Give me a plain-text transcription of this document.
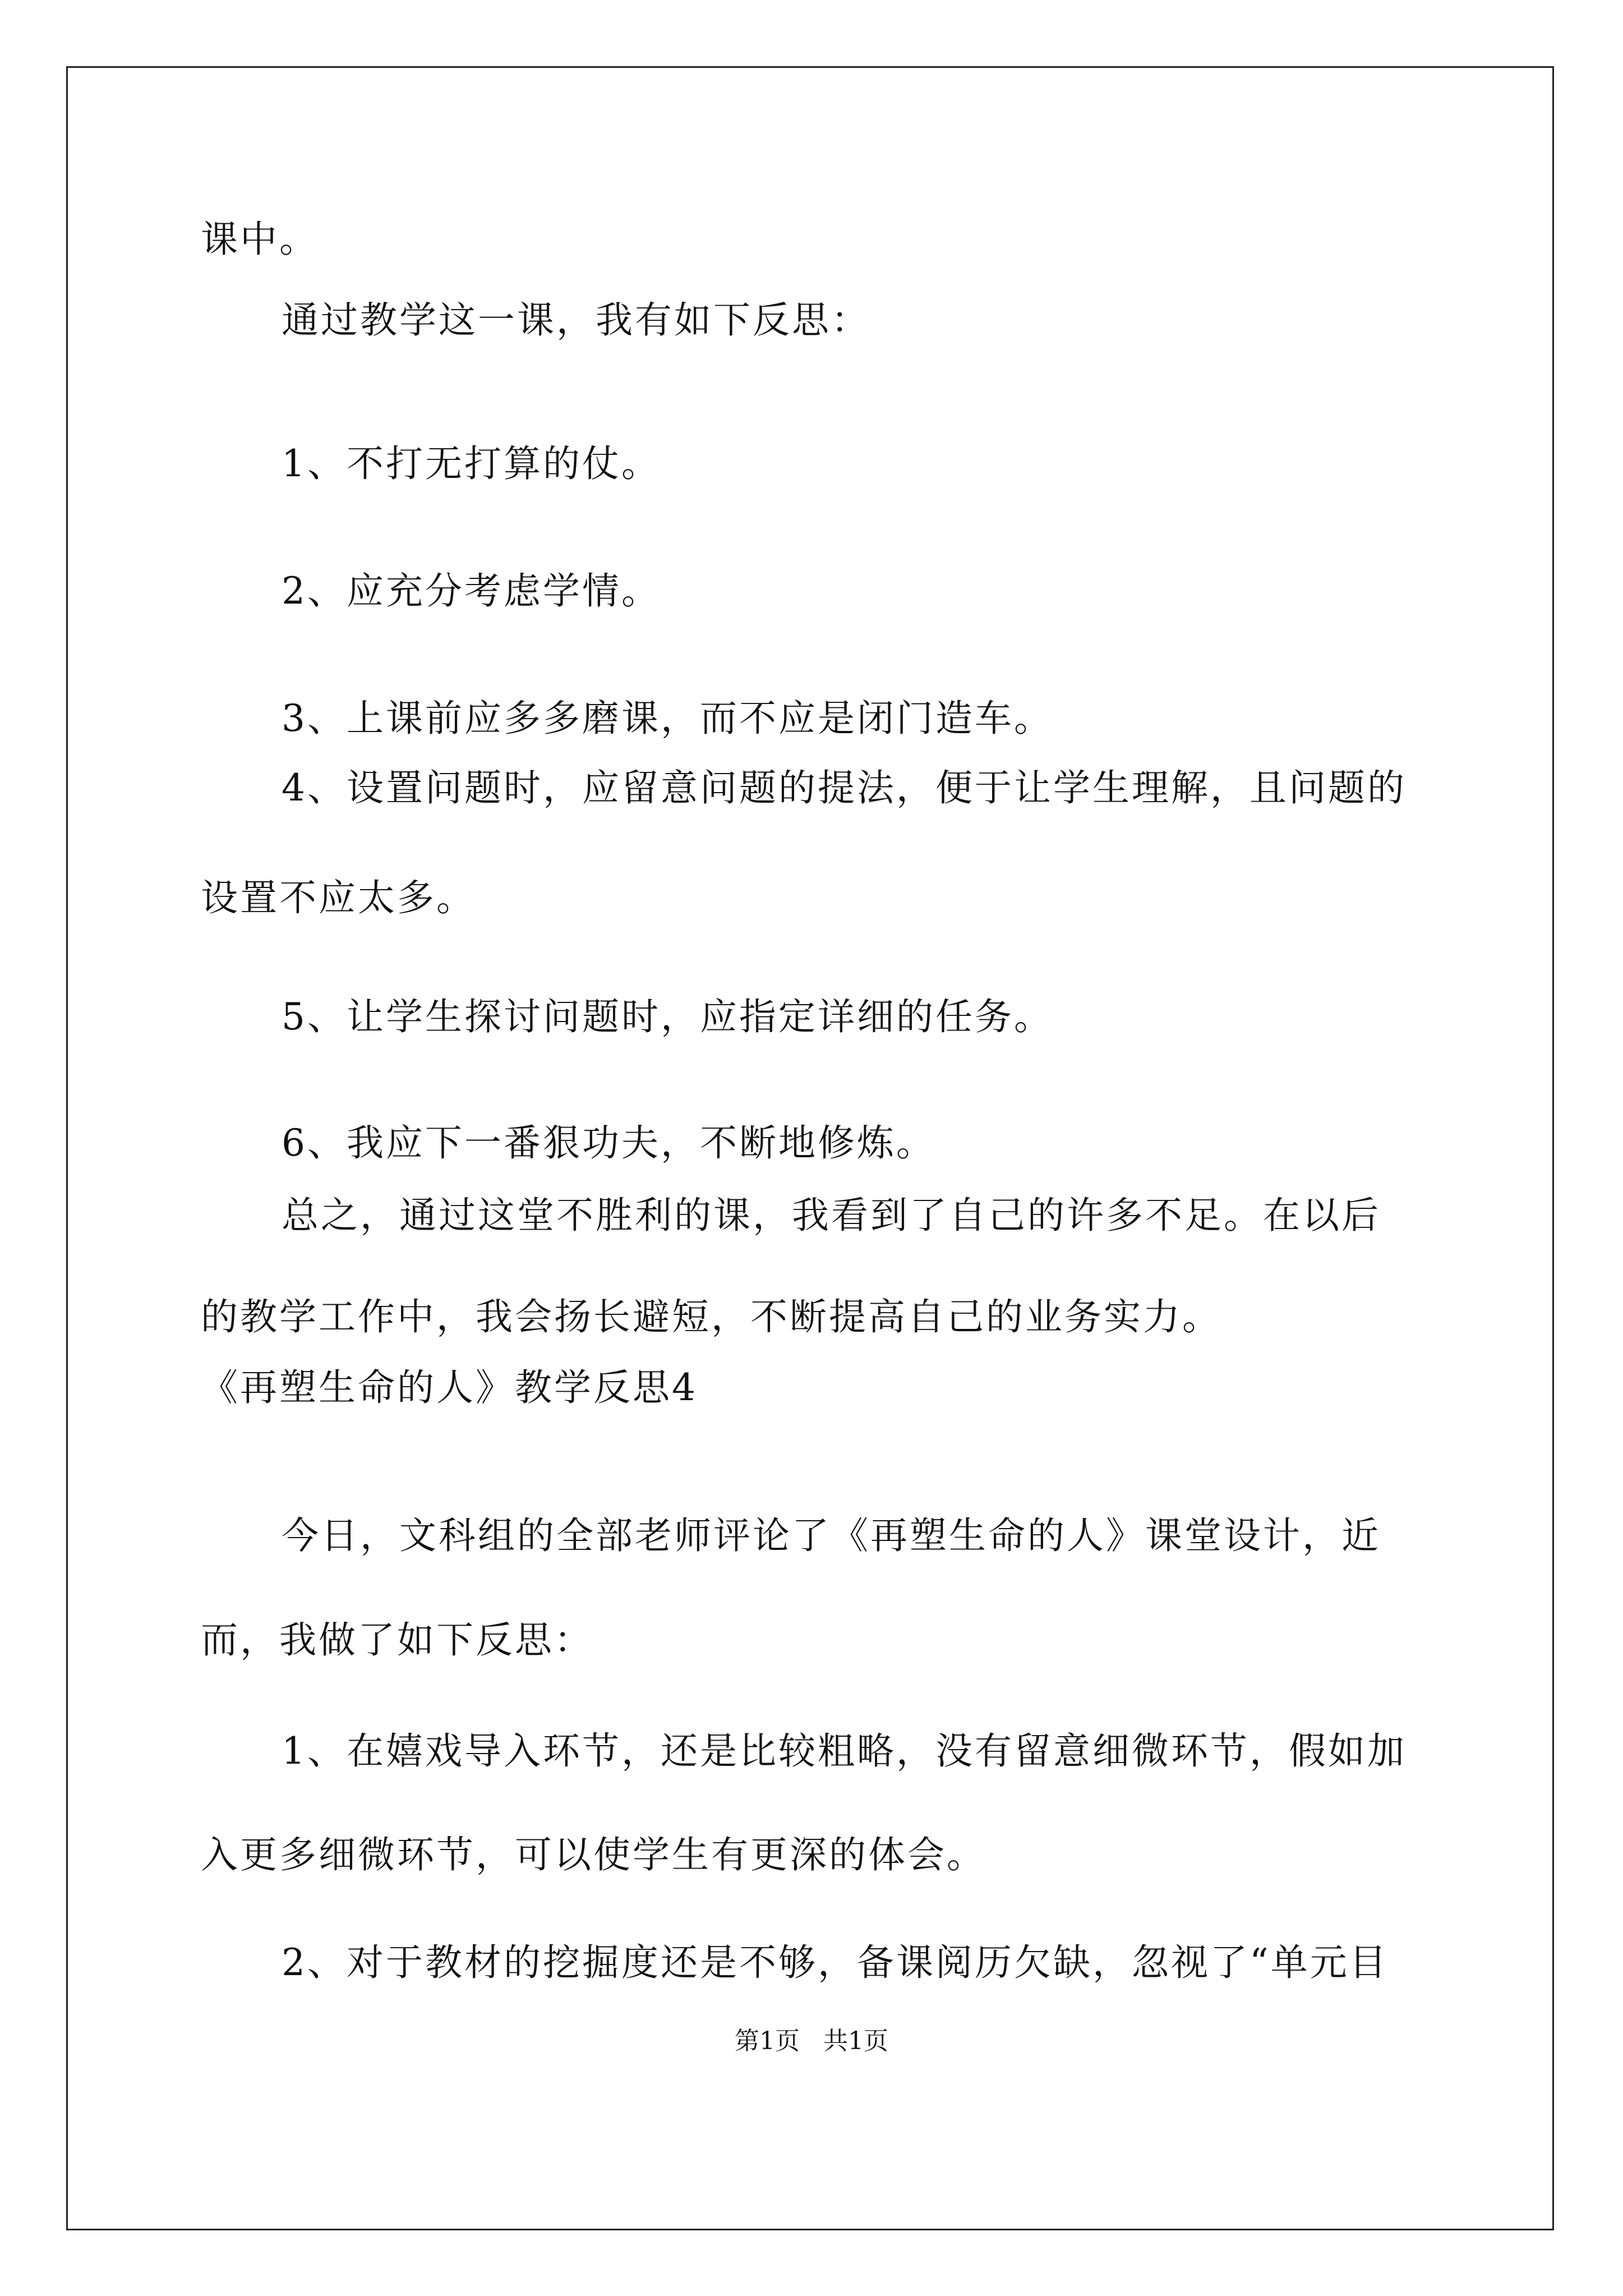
课中。
通过教学这一课，我有如下反思：
1、不打无打算的仗。
2、应充分考虑学情。
3、上课前应多多磨课，而不应是闭门造车。
4、设置问题时，应留意问题的提法，便于让学生理解，且问题的
设置不应太多。
5、让学生探讨问题时，应指定详细的任务。
6、我应下一番狠功夫，不断地修炼。
总之，通过这堂不胜利的课，我看到了自己的许多不足。在以后
的教学工作中，我会扬长避短，不断提高自己的业务实力。
《再塑生命的人》教学反思4
今日，文科组的全部老师评论了《再塑生命的人》课堂设计，近
而，我做了如下反思：
1、在嬉戏导入环节，还是比较粗略，没有留意细微环节，假如加
入更多细微环节，可以使学生有更深的体会。
2、对于教材的挖掘度还是不够，备课阅历欠缺，忽视了“单元目
第1页   共1页
